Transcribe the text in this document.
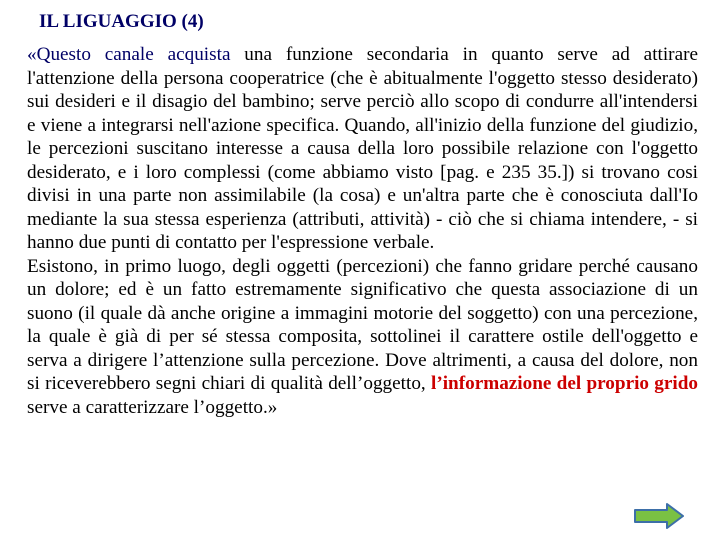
IL LIGUAGGIO (4)

«Questo canale acquista una funzione secondaria in quanto serve ad attirare l'attenzione della persona cooperatrice (che è abitualmente l'oggetto stesso desiderato) sui desideri e il disagio del bambino; serve perciò allo scopo di condurre all'intendersi e viene a integrarsi nell'azione specifica. Quando, all'inizio della funzione del giudizio, le percezioni suscitano interesse a causa della loro possibile relazione con l'oggetto desiderato, e i loro complessi (come abbiamo visto [pag. e 235 35.]) si trovano cosi divisi in una parte non assimilabile (la cosa) e un'altra parte che è conosciuta dall'Io mediante la sua stessa esperienza (attributi, attività) - ciò che si chiama intendere, - si hanno due punti di contatto per l'espressione verbale.

Esistono, in primo luogo, degli oggetti (percezioni) che fanno gridare perché causano un dolore; ed è un fatto estremamente significativo che questa associazione di un suono (il quale dà anche origine a immagini motorie del soggetto) con una percezione, la quale è già di per sé stessa composita, sottolinei il carattere ostile dell'oggetto e serva a dirigere l’attenzione sulla percezione. Dove altrimenti, a causa del dolore, non si riceverebbero segni chiari di qualità dell’oggetto, l’informazione del proprio grido serve a caratterizzare l’oggetto.»
